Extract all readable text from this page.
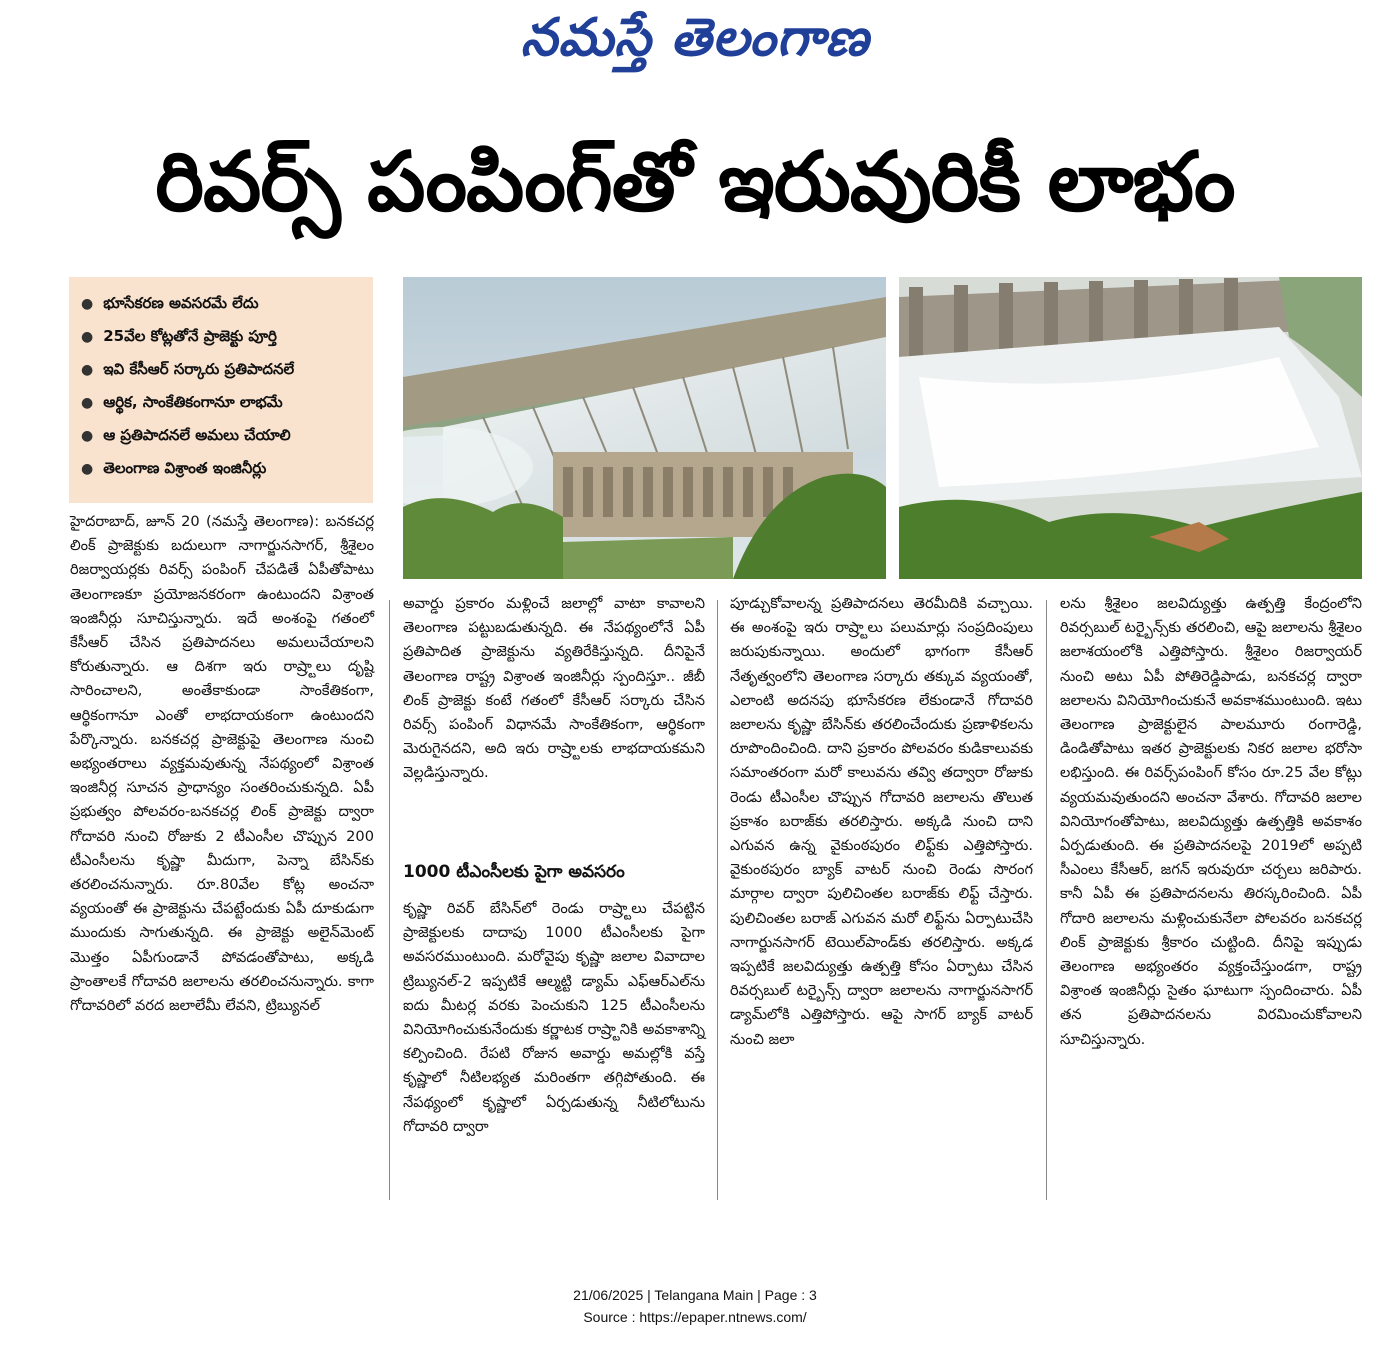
నమస్తే తెలంగాణ
రివర్స్ పంపింగ్‌తో ఇరువురికీ లాభం
● భూసేకరణ అవసరమే లేదు
● 25వేల కోట్లతోనే ప్రాజెక్టు పూర్తి
● ఇవి కేసీఆర్ సర్కారు ప్రతిపాదనలే
● ఆర్థిక, సాంకేతికంగానూ లాభమే
● ఆ ప్రతిపాదనలే అమలు చేయాలి
● తెలంగాణ విశ్రాంత ఇంజినీర్లు
హైదరాబాద్, జూన్ 20 (నమస్తే తెలంగాణ): బనకచర్ల లింక్ ప్రాజెక్టుకు బదులుగా నాగార్జునసాగర్, శ్రీశైలం రిజర్వాయర్లకు రివర్స్ పంపింగ్ చేపడితే ఏపీతోపాటు తెలంగాణకూ ప్రయోజనకరంగా ఉంటుందని విశ్రాంత ఇంజినీర్లు సూచిస్తున్నారు. ఇదే అంశంపై గతంలో కేసీఆర్ చేసిన ప్రతిపాదనలు అమలుచేయాలని కోరుతున్నారు. ఆ దిశగా ఇరు రాష్ర్టాలు దృష్టి సారించాలని, అంతేకాకుండా సాంకేతికంగా, ఆర్థికంగానూ ఎంతో లాభదాయకంగా ఉంటుందని పేర్కొన్నారు. బనకచర్ల ప్రాజెక్టుపై తెలంగాణ నుంచి అభ్యంతరాలు వ్యక్తమవుతున్న నేపథ్యంలో విశ్రాంత ఇంజినీర్ల సూచన ప్రాధాన్యం సంతరించుకున్నది. ఏపీ ప్రభుత్వం పోలవరం-బనకచర్ల లింక్ ప్రాజెక్టు ద్వారా గోదావరి నుంచి రోజుకు 2 టీఎంసీల చొప్పున 200 టీఎంసీలను కృష్ణా మీదుగా, పెన్నా బేసిన్‌కు తరలించనున్నారు. రూ.80వేల కోట్ల అంచనా వ్యయంతో ఈ ప్రాజెక్టును చేపట్టేందుకు ఏపీ దూకుడుగా ముందుకు సాగుతున్నది. ఈ ప్రాజెక్టు అలైన్‌మెంట్ మొత్తం ఏపీగుండానే పోవడంతోపాటు, అక్కడి ప్రాంతాలకే గోదావరి జలాలను తరలించనున్నారు. కాగా గోదావరిలో వరద జలాలేమీ లేవని, ట్రిబ్యునల్
అవార్డు ప్రకారం మళ్లించే జలాల్లో వాటా కావాలని తెలంగాణ పట్టుబడుతున్నది. ఈ నేపథ్యంలోనే ఏపీ ప్రతిపాదిత ప్రాజెక్టును వ్యతిరేకిస్తున్నది. దీనిపైనే తెలంగాణ రాష్ట్ర విశ్రాంత ఇంజినీర్లు స్పందిస్తూ.. జీబీ లింక్ ప్రాజెక్టు కంటే గతంలో కేసీఆర్ సర్కారు చేసిన రివర్స్ పంపింగ్ విధానమే సాంకేతికంగా, ఆర్థికంగా మెరుగైనదని, అది ఇరు రాష్ర్టాలకు లాభదాయకమని వెల్లడిస్తున్నారు.
1000 టీఎంసీలకు పైగా అవసరం
కృష్ణా రివర్ బేసిన్‌లో రెండు రాష్ర్టాలు చేపట్టిన ప్రాజెక్టులకు దాదాపు 1000 టీఎంసీలకు పైగా అవసరముంటుంది. మరోవైపు కృష్ణా జలాల వివాదాల ట్రిబ్యునల్-2 ఇప్పటికే ఆల్మట్టి డ్యామ్ ఎఫ్ఆర్ఎల్‌ను ఐదు మీటర్ల వరకు పెంచుకుని 125 టీఎంసీలను వినియోగించుకునేందుకు కర్ణాటక రాష్ర్టానికి అవకాశాన్ని కల్పించింది. రేపటి రోజున అవార్డు అమల్లోకి వస్తే కృష్ణాలో నీటిలభ్యత మరింతగా తగ్గిపోతుంది. ఈ నేపథ్యంలో కృష్ణాలో ఏర్పడుతున్న నీటిలోటును గోదావరి ద్వారా
పూడ్చుకోవాలన్న ప్రతిపాదనలు తెరమీదికి వచ్చాయి. ఈ అంశంపై ఇరు రాష్ర్టాలు పలుమార్లు సంప్రదింపులు జరుపుకున్నాయి. అందులో భాగంగా కేసీఆర్ నేతృత్వంలోని తెలంగాణ సర్కారు తక్కువ వ్యయంతో, ఎలాంటి అదనపు భూసేకరణ లేకుండానే గోదావరి జలాలను కృష్ణా బేసిన్‌కు తరలించేందుకు ప్రణాళికలను రూపొందించింది. దాని ప్రకారం పోలవరం కుడికాలువకు సమాంతరంగా మరో కాలువను తవ్వి తద్వారా రోజుకు రెండు టీఎంసీల చొప్పున గోదావరి జలాలను తొలుత ప్రకాశం బరాజ్‌కు తరలిస్తారు. అక్కడి నుంచి దాని ఎగువన ఉన్న వైకుంఠపురం లిఫ్ట్‌కు ఎత్తిపోస్తారు. వైకుంఠపురం బ్యాక్ వాటర్ నుంచి రెండు సొరంగ మార్గాల ద్వారా పులిచింతల బరాజ్‌కు లిఫ్ట్ చేస్తారు. పులిచింతల బరాజ్ ఎగువన మరో లిఫ్ట్‌ను ఏర్పాటుచేసి నాగార్జునసాగర్ టెయిల్‌పాండ్‌కు తరలిస్తారు. అక్కడ ఇప్పటికే జలవిద్యుత్తు ఉత్పత్తి కోసం ఏర్పాటు చేసిన రివర్సబుల్ టర్బైన్స్ ద్వారా జలాలను నాగార్జునసాగర్ డ్యామ్‌లోకి ఎత్తిపోస్తారు. ఆపై సాగర్ బ్యాక్ వాటర్ నుంచి జలా
లను శ్రీశైలం జలవిద్యుత్తు ఉత్పత్తి కేంద్రంలోని రివర్సబుల్ టర్బైన్స్‌కు తరలించి, ఆపై జలాలను శ్రీశైలం జలాశయంలోకి ఎత్తిపోస్తారు. శ్రీశైలం రిజర్వాయర్ నుంచి అటు ఏపీ పోతిరెడ్డిపాడు, బనకచర్ల ద్వారా జలాలను వినియోగించుకునే అవకాశముంటుంది. ఇటు తెలంగాణ ప్రాజెక్టులైన పాలమూరు రంగారెడ్డి, డిండితోపాటు ఇతర ప్రాజెక్టులకు నికర జలాల భరోసా లభిస్తుంది. ఈ రివర్స్‌పంపింగ్ కోసం రూ.25 వేల కోట్లు వ్యయమవుతుందని అంచనా వేశారు. గోదావరి జలాల వినియోగంతోపాటు, జలవిద్యుత్తు ఉత్పత్తికి అవకాశం ఏర్పడుతుంది. ఈ ప్రతిపాదనలపై 2019లో అప్పటి సీఎంలు కేసీఆర్, జగన్ ఇరువురూ చర్చలు జరిపారు. కానీ ఏపీ ఈ ప్రతిపాదనలను తిరస్కరించింది. ఏపీ గోదారి జలాలను మళ్లించుకునేలా పోలవరం బనకచర్ల లింక్ ప్రాజెక్టుకు శ్రీకారం చుట్టింది. దీనిపై ఇప్పుడు తెలంగాణ అభ్యంతరం వ్యక్తంచేస్తుండగా, రాష్ట్ర విశ్రాంత ఇంజినీర్లు సైతం ఘాటుగా స్పందించారు. ఏపీ తన ప్రతిపాదనలను విరమించుకోవాలని సూచిస్తున్నారు.
21/06/2025 | Telangana Main | Page : 3
Source : https://epaper.ntnews.com/
